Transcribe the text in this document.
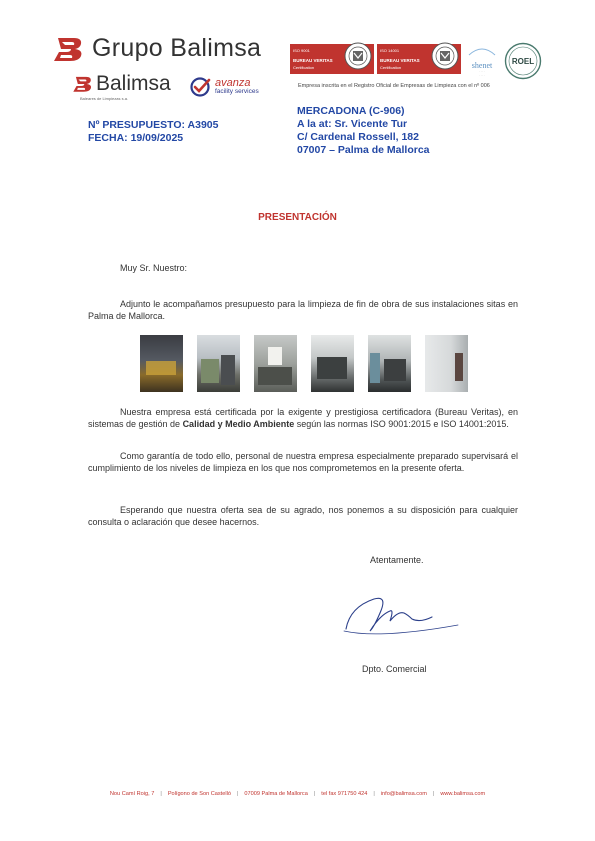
Grupo Balimsa
Balimsa
Baleares de Limpiezas s.a.
avanza
facility services
ISO 9001
BUREAU VERITAS
Certification
ISO 14001
BUREAU VERITAS
Certification	shenet
· · · ·
· · · ·
ROEL
Empresa inscrita en el Registro Oficial de Empresas de Limpieza con el nº 006
Nº PRESUPUESTO: A3905
FECHA: 19/09/2025
MERCADONA (C-906)
A la at: Sr. Vicente Tur
C/ Cardenal Rossell, 182
07007 – Palma de Mallorca
PRESENTACIÓN
Muy Sr. Nuestro:
Adjunto le acompañamos presupuesto para la limpieza de fin de obra de sus instalaciones sitas en Palma de Mallorca.
Nuestra empresa está certificada por la exigente y prestigiosa certificadora (Bureau Veritas), en sistemas de gestión de Calidad y Medio Ambiente según las normas ISO 9001:2015 e ISO 14001:2015.
Como garantía de todo ello, personal de nuestra empresa especialmente preparado supervisará el cumplimiento de los niveles de limpieza en los que nos comprometemos en la presente oferta.
Esperando que nuestra oferta sea de su agrado, nos ponemos a su disposición para cualquier consulta o aclaración que desee hacernos.
Atentamente.
Dpto. Comercial
Nou Camí Roig, 7 | Polígono de Son Castelló | 07009 Palma de Mallorca | tel fax 971750 424 | info@balimsa.com | www.balimsa.com
